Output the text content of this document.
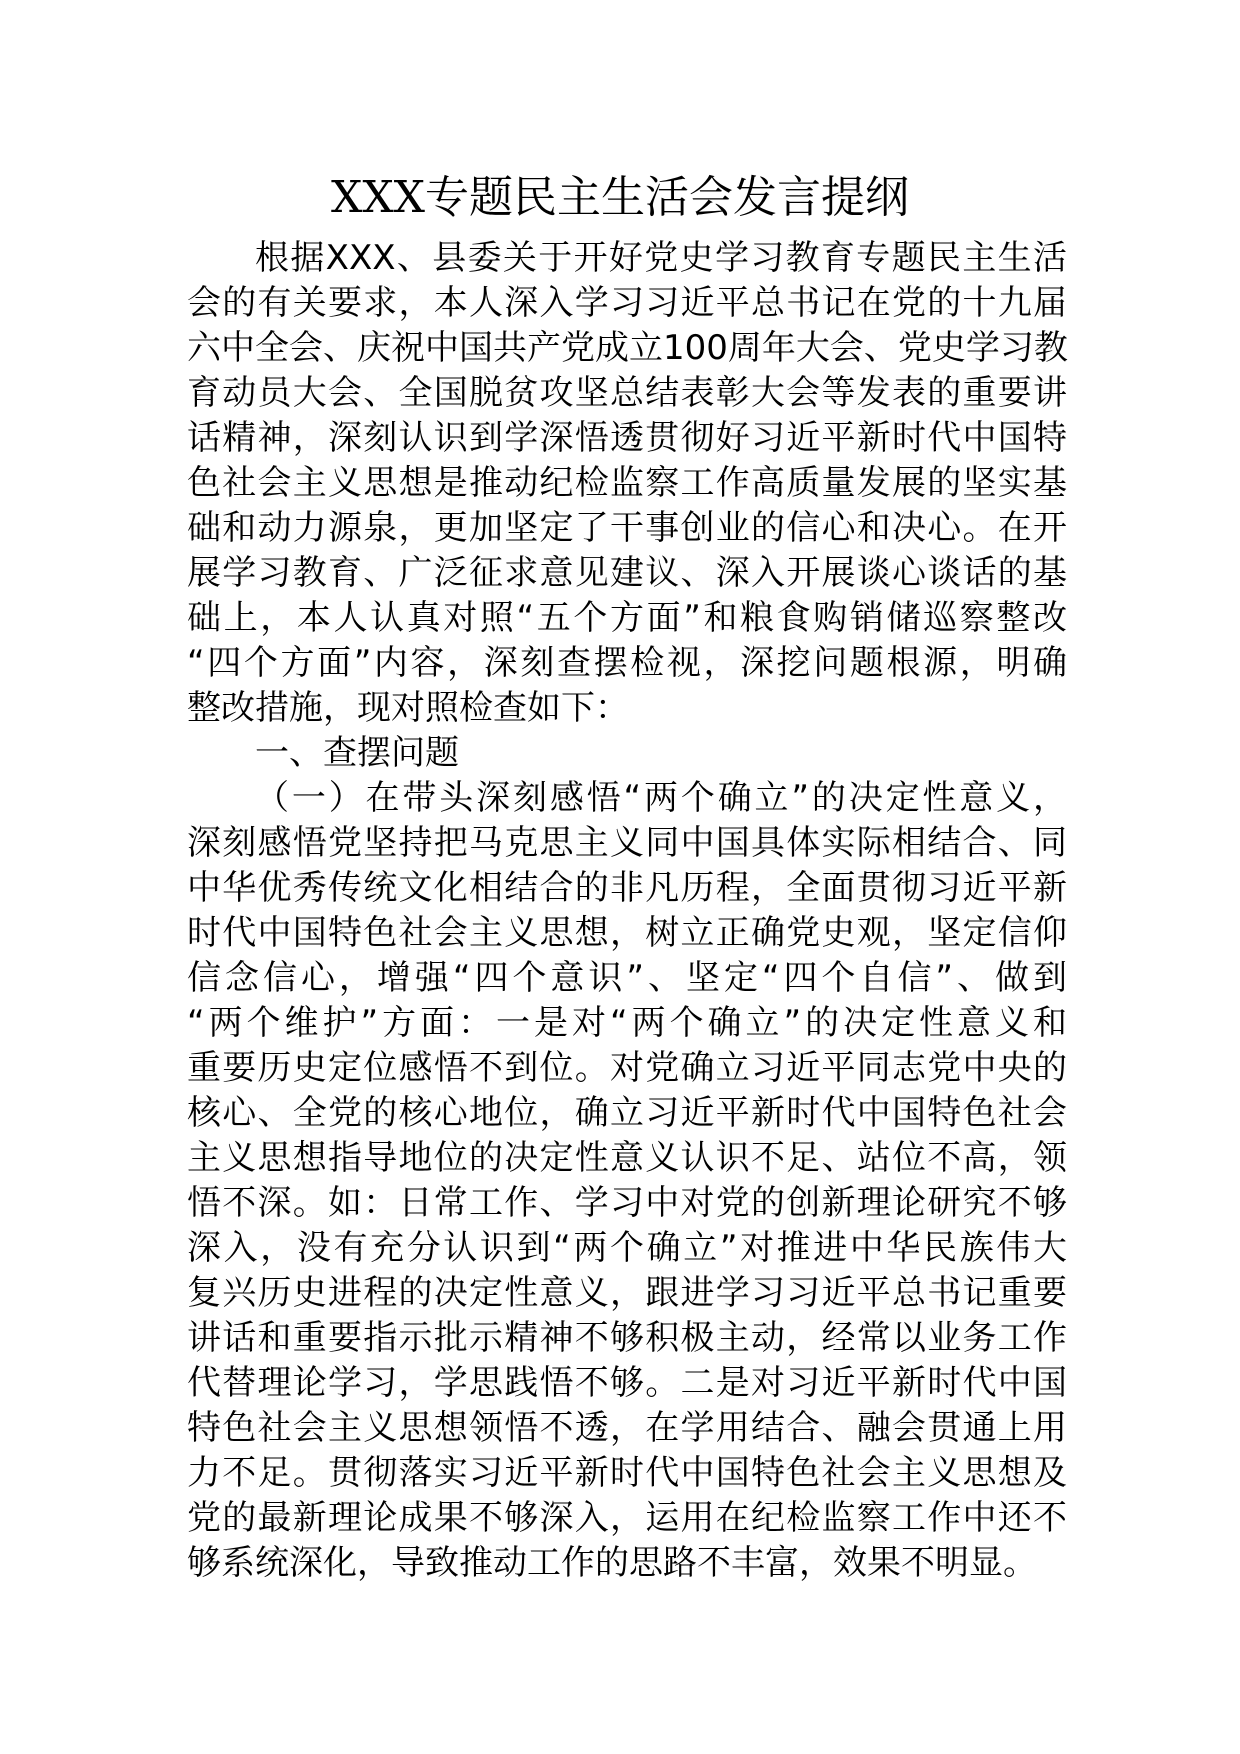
XXX专题民主生活会发言提纲
根据XXX、县委关于开好党史学习教育专题民主生活
会的有关要求，本人深入学习习近平总书记在党的十九届
六中全会、庆祝中国共产党成立100周年大会、党史学习教
育动员大会、全国脱贫攻坚总结表彰大会等发表的重要讲
话精神，深刻认识到学深悟透贯彻好习近平新时代中国特
色社会主义思想是推动纪检监察工作高质量发展的坚实基
础和动力源泉，更加坚定了干事创业的信心和决心。在开
展学习教育、广泛征求意见建议、深入开展谈心谈话的基
础上，本人认真对照“五个方面”和粮食购销储巡察整改
“四个方面”内容，深刻查摆检视，深挖问题根源，明确
整改措施，现对照检查如下：
一、查摆问题
（一）在带头深刻感悟“两个确立”的决定性意义，
深刻感悟党坚持把马克思主义同中国具体实际相结合、同
中华优秀传统文化相结合的非凡历程，全面贯彻习近平新
时代中国特色社会主义思想，树立正确党史观，坚定信仰
信念信心，增强“四个意识”、坚定“四个自信”、做到
“两个维护”方面：一是对“两个确立”的决定性意义和
重要历史定位感悟不到位。对党确立习近平同志党中央的
核心、全党的核心地位，确立习近平新时代中国特色社会
主义思想指导地位的决定性意义认识不足、站位不高，领
悟不深。如：日常工作、学习中对党的创新理论研究不够
深入，没有充分认识到“两个确立”对推进中华民族伟大
复兴历史进程的决定性意义，跟进学习习近平总书记重要
讲话和重要指示批示精神不够积极主动，经常以业务工作
代替理论学习，学思践悟不够。二是对习近平新时代中国
特色社会主义思想领悟不透，在学用结合、融会贯通上用
力不足。贯彻落实习近平新时代中国特色社会主义思想及
党的最新理论成果不够深入，运用在纪检监察工作中还不
够系统深化，导致推动工作的思路不丰富，效果不明显。
